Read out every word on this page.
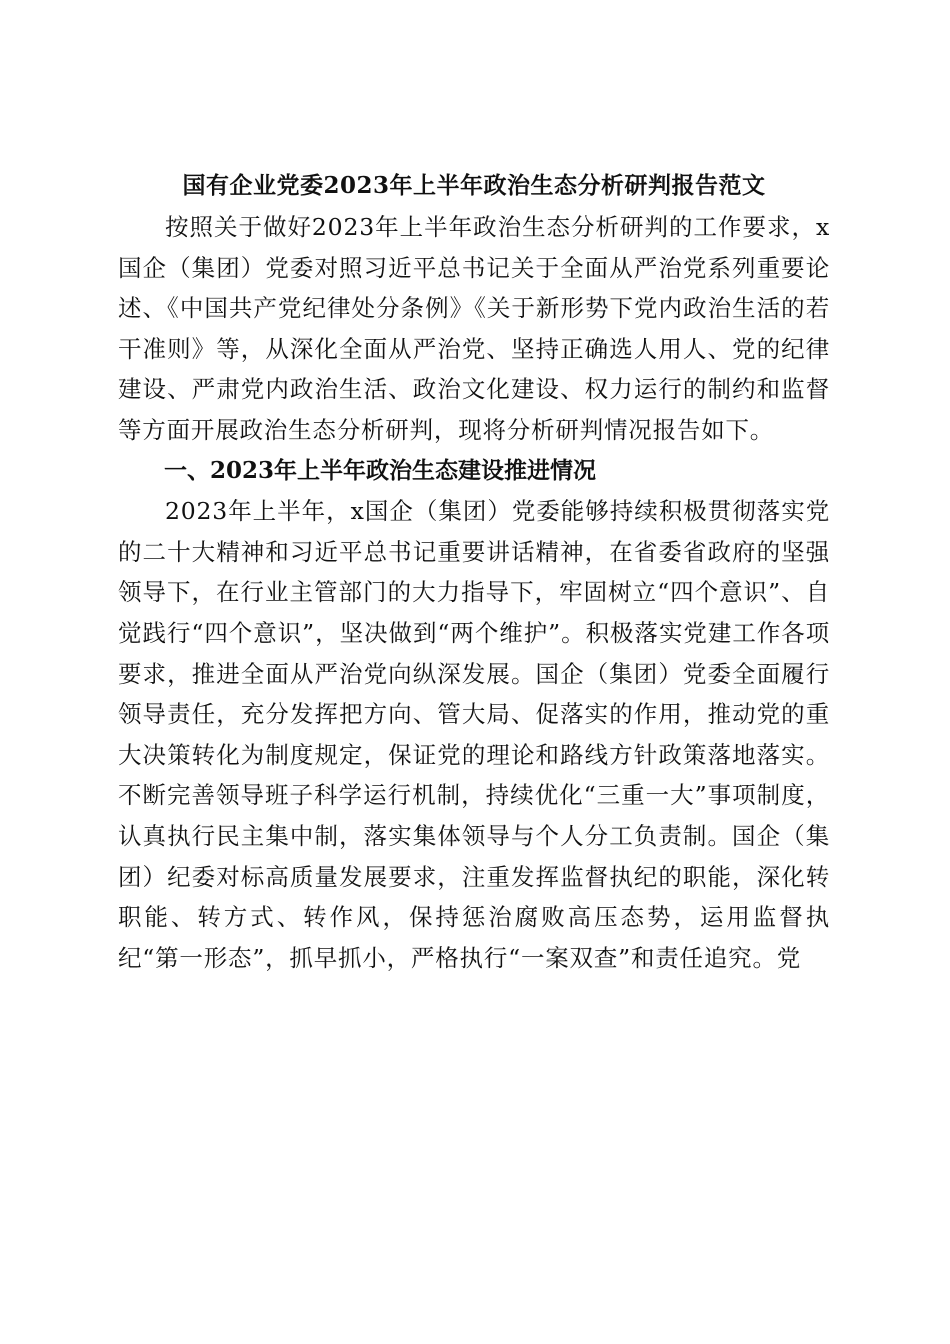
国有企业党委2023年上半年政治生态分析研判报告范文

按照关于做好2023年上半年政治生态分析研判的工作要求，x国企（集团）党委对照习近平总书记关于全面从严治党系列重要论述、《中国共产党纪律处分条例》《关于新形势下党内政治生活的若干准则》等，从深化全面从严治党、坚持正确选人用人、党的纪律建设、严肃党内政治生活、政治文化建设、权力运行的制约和监督等方面开展政治生态分析研判，现将分析研判情况报告如下。

一、2023年上半年政治生态建设推进情况

2023年上半年，x国企（集团）党委能够持续积极贯彻落实党的二十大精神和习近平总书记重要讲话精神，在省委省政府的坚强领导下，在行业主管部门的大力指导下，牢固树立“四个意识”、自觉践行“四个意识”，坚决做到“两个维护”。积极落实党建工作各项要求，推进全面从严治党向纵深发展。国企（集团）党委全面履行领导责任，充分发挥把方向、管大局、促落实的作用，推动党的重大决策转化为制度规定，保证党的理论和路线方针政策落地落实。不断完善领导班子科学运行机制，持续优化“三重一大”事项制度，认真执行民主集中制，落实集体领导与个人分工负责制。国企（集团）纪委对标高质量发展要求，注重发挥监督执纪的职能，深化转职能、转方式、转作风，保持惩治腐败高压态势，运用监督执纪“第一形态”，抓早抓小，严格执行“一案双查”和责任追究。党
